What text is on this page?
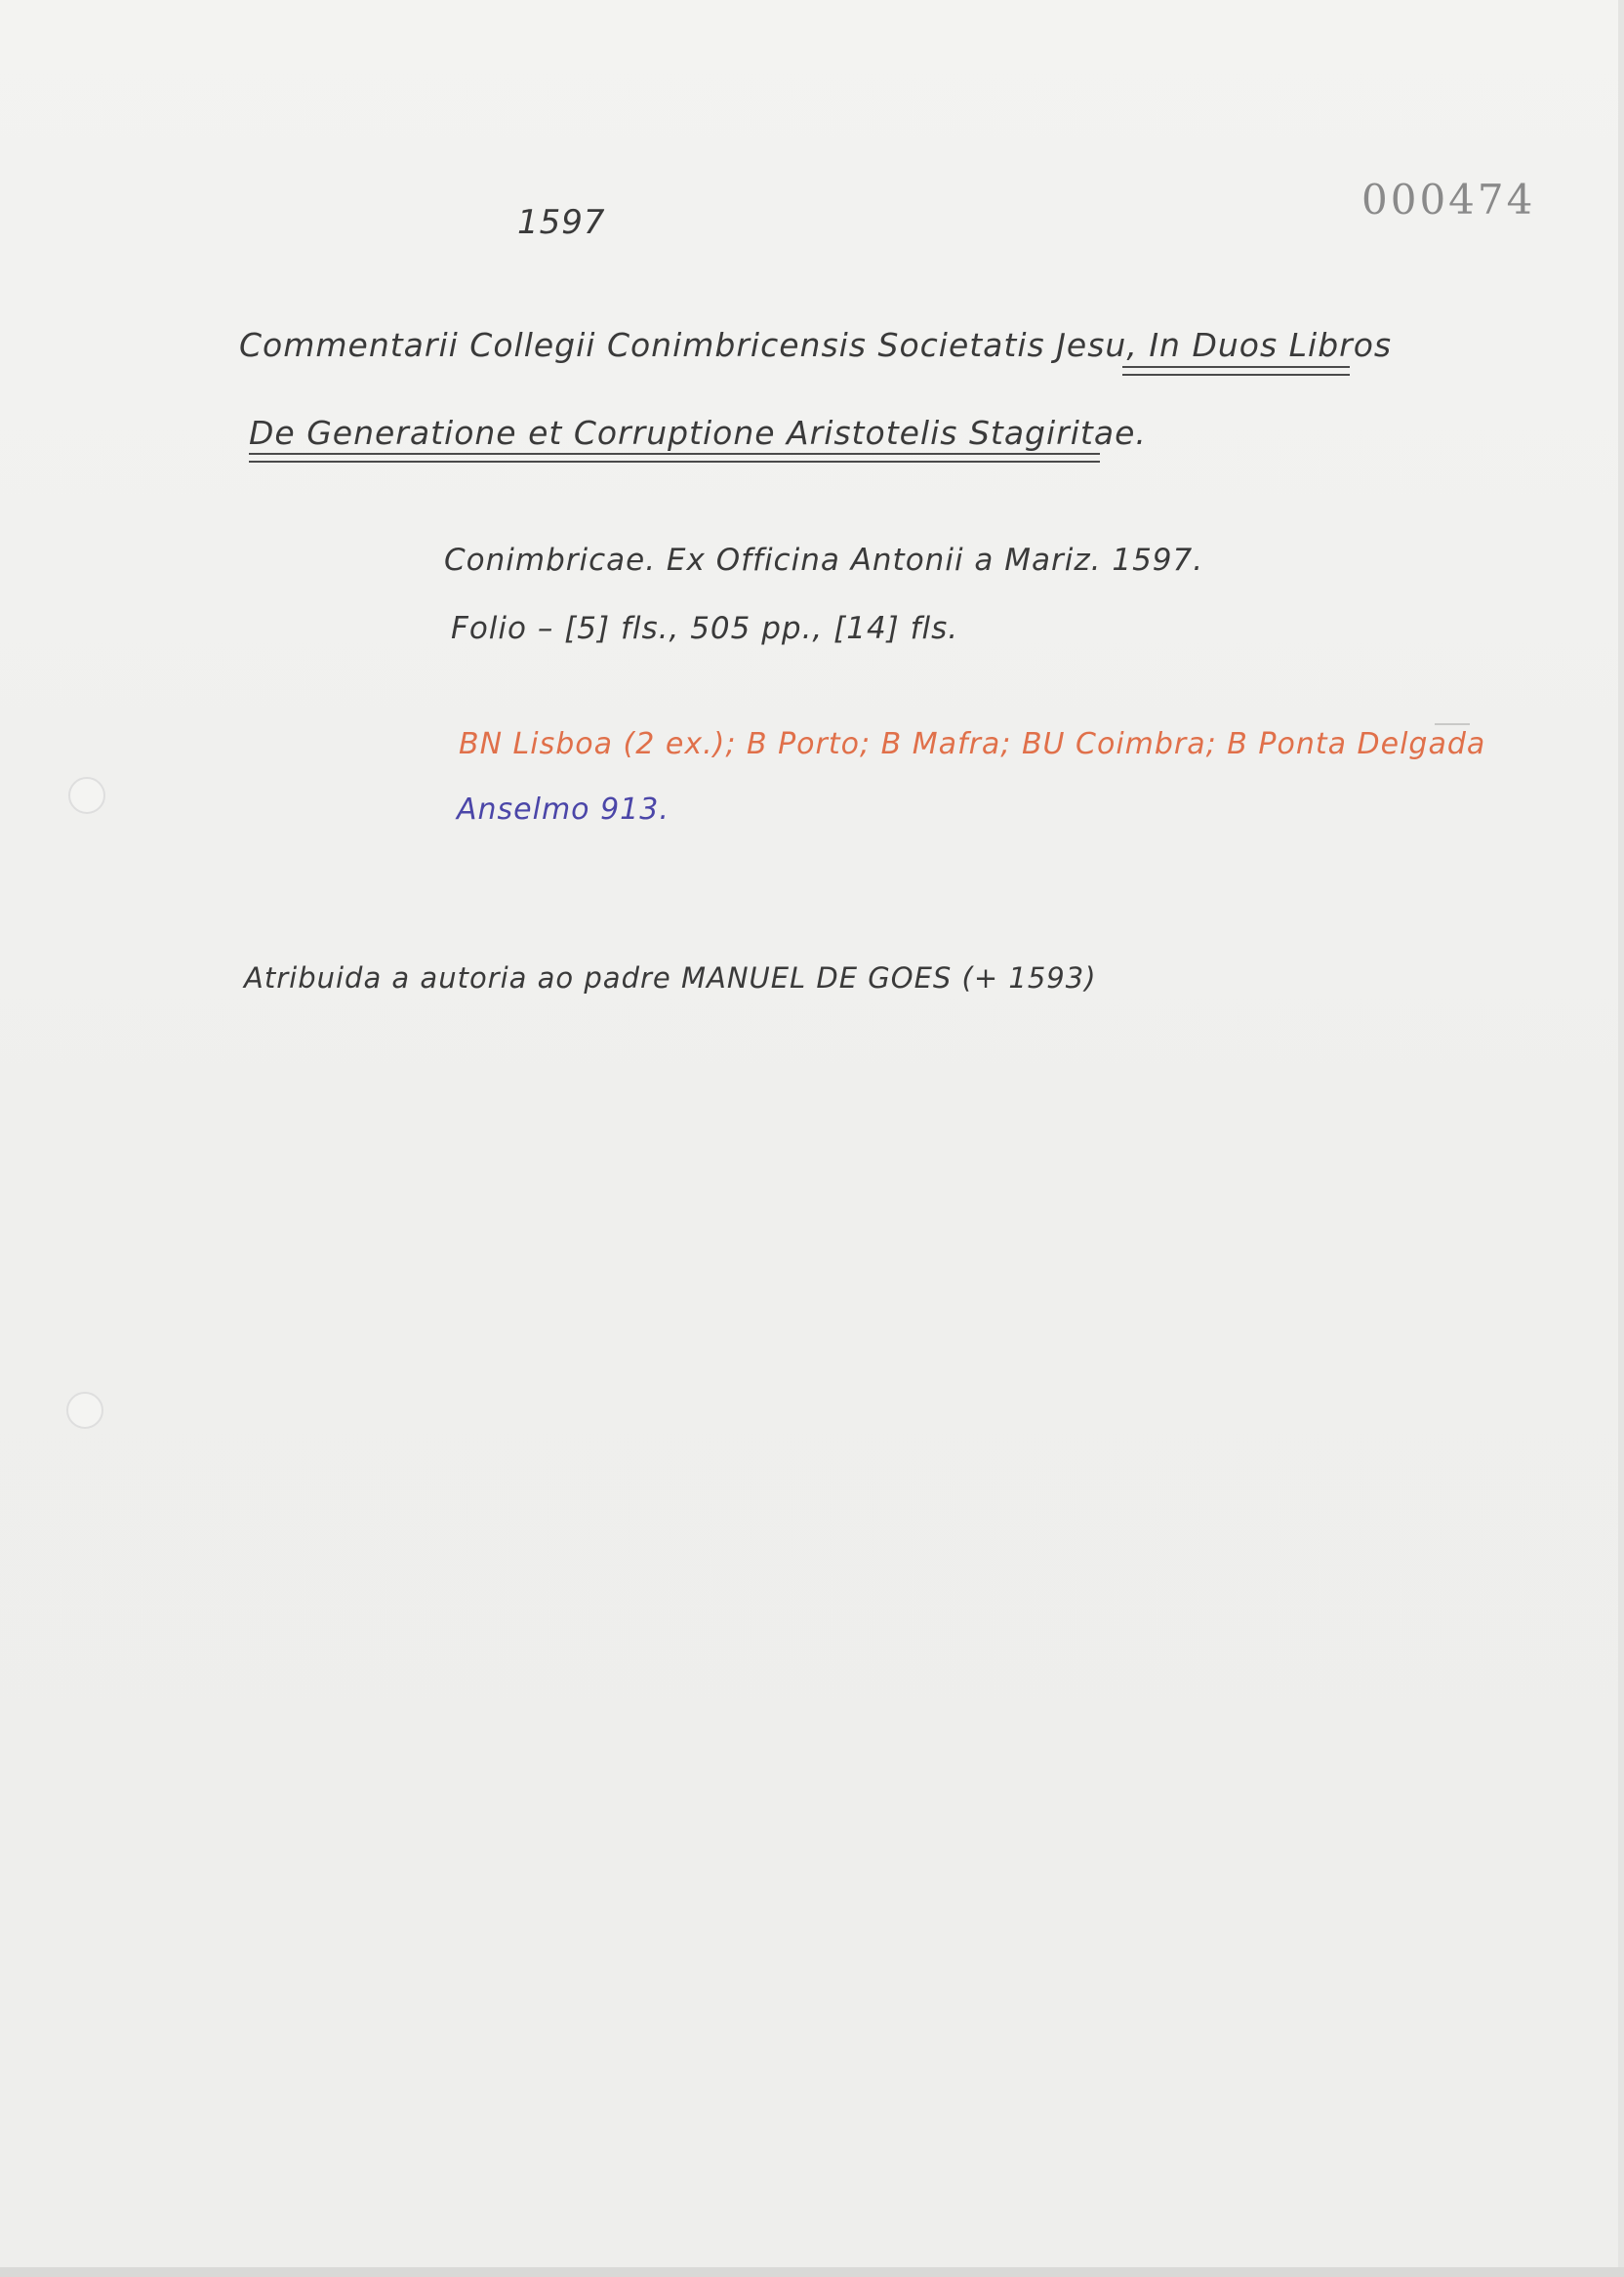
1597	000474
Commentarii Collegii Conimbricensis Societatis Jesu, In Duos Libros
De Generatione et Corruptione Aristotelis Stagiritae.
Conimbricae. Ex Officina Antonii a Mariz. 1597.
Folio – [5] fls., 505 pp., [14] fls.
BN Lisboa (2 ex.); B Porto; B Mafra; BU Coimbra; B Ponta Delgada
Anselmo 913.
Atribuida a autoria ao padre MANUEL DE GOES (+ 1593)
